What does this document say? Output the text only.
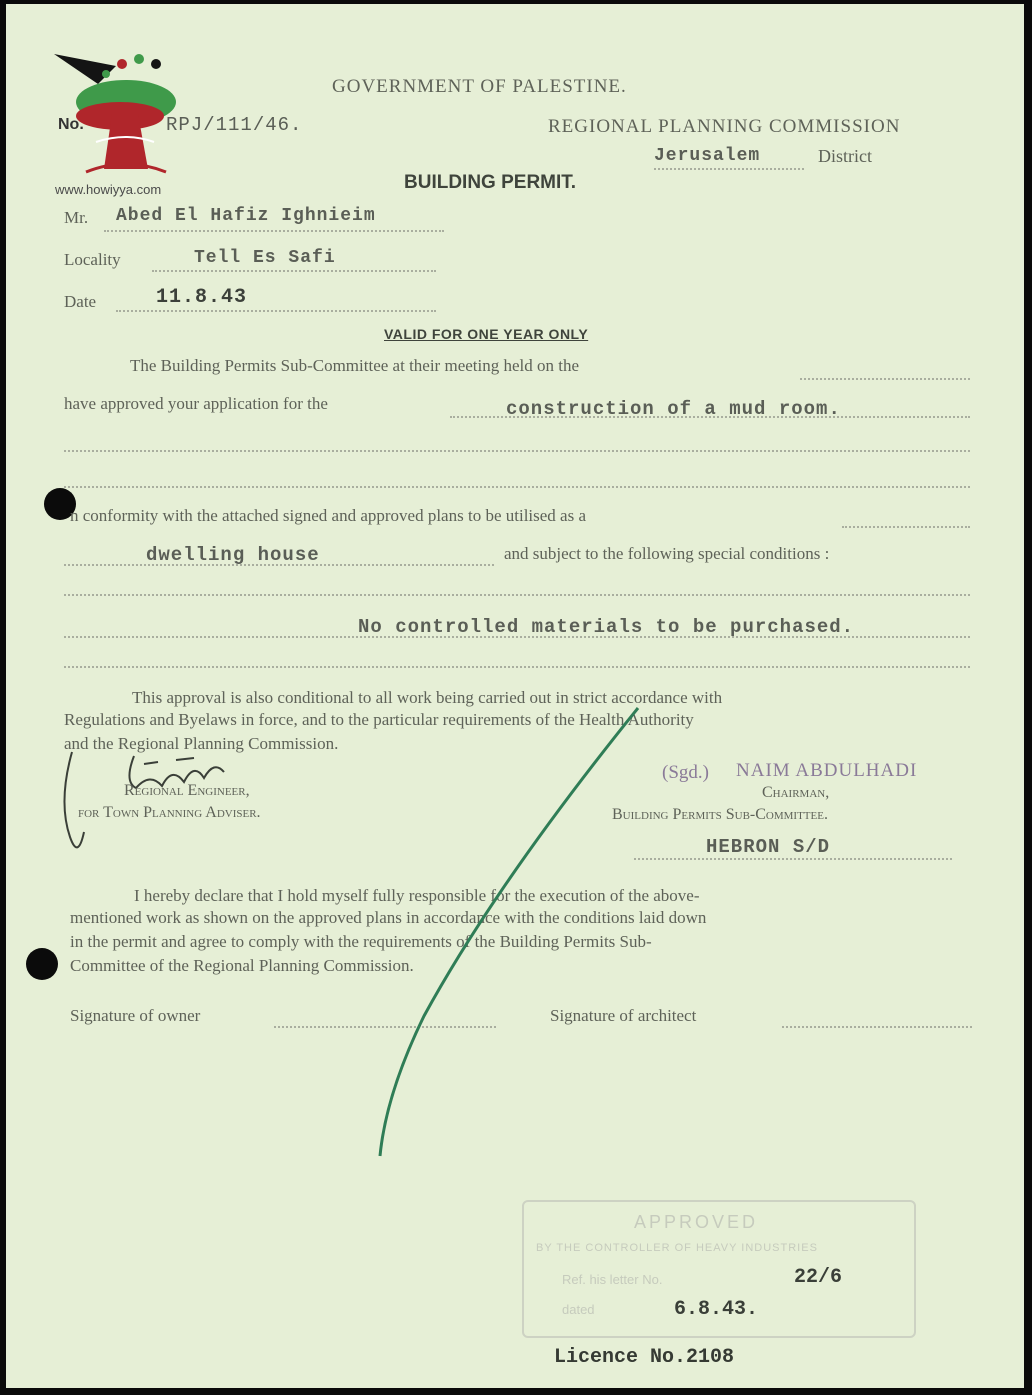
www.howiyya.com
GOVERNMENT OF PALESTINE.
No.	RPJ/111/46.	REGIONAL PLANNING COMMISSION
Jerusalem	District
BUILDING PERMIT.
Mr. Abed El Hafiz Ighnieim
Locality	Tell Es Safi
Date	11.8.43
VALID FOR ONE YEAR ONLY
The Building Permits Sub-Committee at their meeting held on the
have approved your application for the	construction of a mud room.
n conformity with the attached signed and approved plans to be utilised as a
dwelling house	and subject to the following special conditions :
No controlled materials to be purchased.
This approval is also conditional to all work being carried out in strict accordance with
Regulations and Byelaws in force, and to the particular requirements of the Health Authority
and the Regional Planning Commission.
Regional Engineer,
for Town Planning Adviser.
(Sgd.) NAIM ABDULHADI
Chairman,
Building Permits Sub-Committee.
HEBRON S/D
I hereby declare that I hold myself fully responsible for the execution of the above-
mentioned work as shown on the approved plans in accordance with the conditions laid down
in the permit and agree to comply with the requirements of the Building Permits Sub-
Committee of the Regional Planning Commission.
Signature of owner	Signature of architect
APPROVED
BY THE CONTROLLER OF HEAVY INDUSTRIES
Ref. his letter No.	22/6
dated	6.8.43.
Licence No.2108
